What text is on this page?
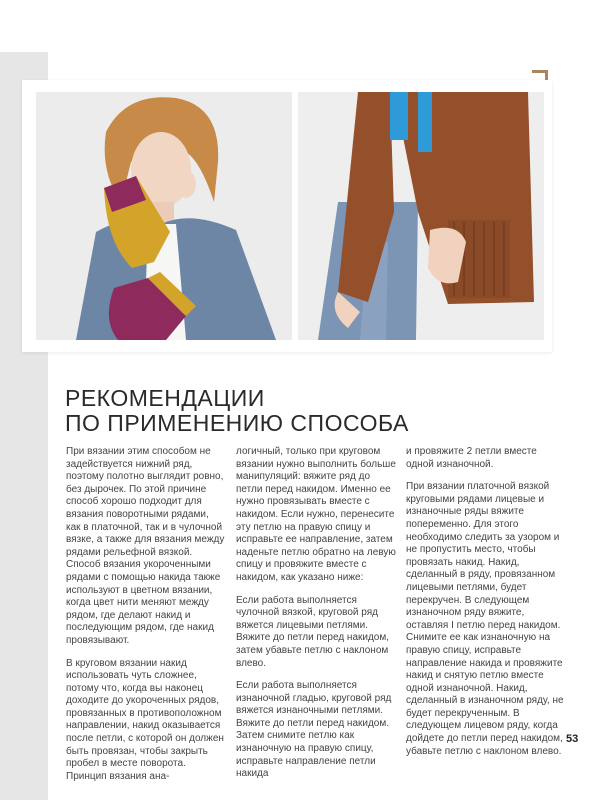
РЕКОМЕНДАЦИИ
ПО ПРИМЕНЕНИЮ СПОСОБА

При вязании этим способом не задействуется нижний ряд, поэтому полотно выглядит ровно, без дырочек. По этой причине способ хорошо подходит для вязания поворотными рядами, как в платочной, так и в чулочной вязке, а также для вязания между рядами рельефной вязкой. Способ вязания укороченными рядами с помощью накида также используют в цветном вязании, когда цвет нити меняют между рядом, где делают накид и последующим рядом, где накид провязывают.

В круговом вязании накид использовать чуть сложнее, потому что, когда вы наконец доходите до укороченных рядов, провязанных в противоположном направлении, накид оказывается после петли, с которой он должен быть провязан, чтобы закрыть пробел в месте поворота. Принцип вязания ана-

логичный, только при круговом вязании нужно выполнить больше манипуляций: вяжите ряд до петли перед накидом. Именно ее нужно провязывать вместе с накидом. Если нужно, перенесите эту петлю на правую спицу и исправьте ее направление, затем наденьте петлю обратно на левую спицу и провяжите вместе с накидом, как указано ниже:

Если работа выполняется чулочной вязкой, круговой ряд вяжется лицевыми петлями. Вяжите до петли перед накидом, затем убавьте петлю с наклоном влево.

Если работа выполняется изнаночной гладью, круговой ряд вяжется изнаночными петлями. Вяжите до петли перед накидом. Затем снимите петлю как изнаночную на правую спицу, исправьте направление петли накида

и провяжите 2 петли вместе одной изнаночной.

При вязании платочной вязкой круговыми рядами лицевые и изнаночные ряды вяжите попеременно. Для этого необходимо следить за узором и не пропустить место, чтобы провязать накид. Накид, сделанный в ряду, провязанном лицевыми петлями, будет перекручен. В следующем изнаночном ряду вяжите, оставляя I петлю перед накидом. Снимите ее как изнаночную на правую спицу, исправьте направление накида и провяжите накид и снятую петлю вместе одной изнаночной. Накид, сделанный в изнаночном ряду, не будет перекрученным. В следующем лицевом ряду, когда дойдете до петли перед накидом, убавьте петлю с наклоном влево.

53
